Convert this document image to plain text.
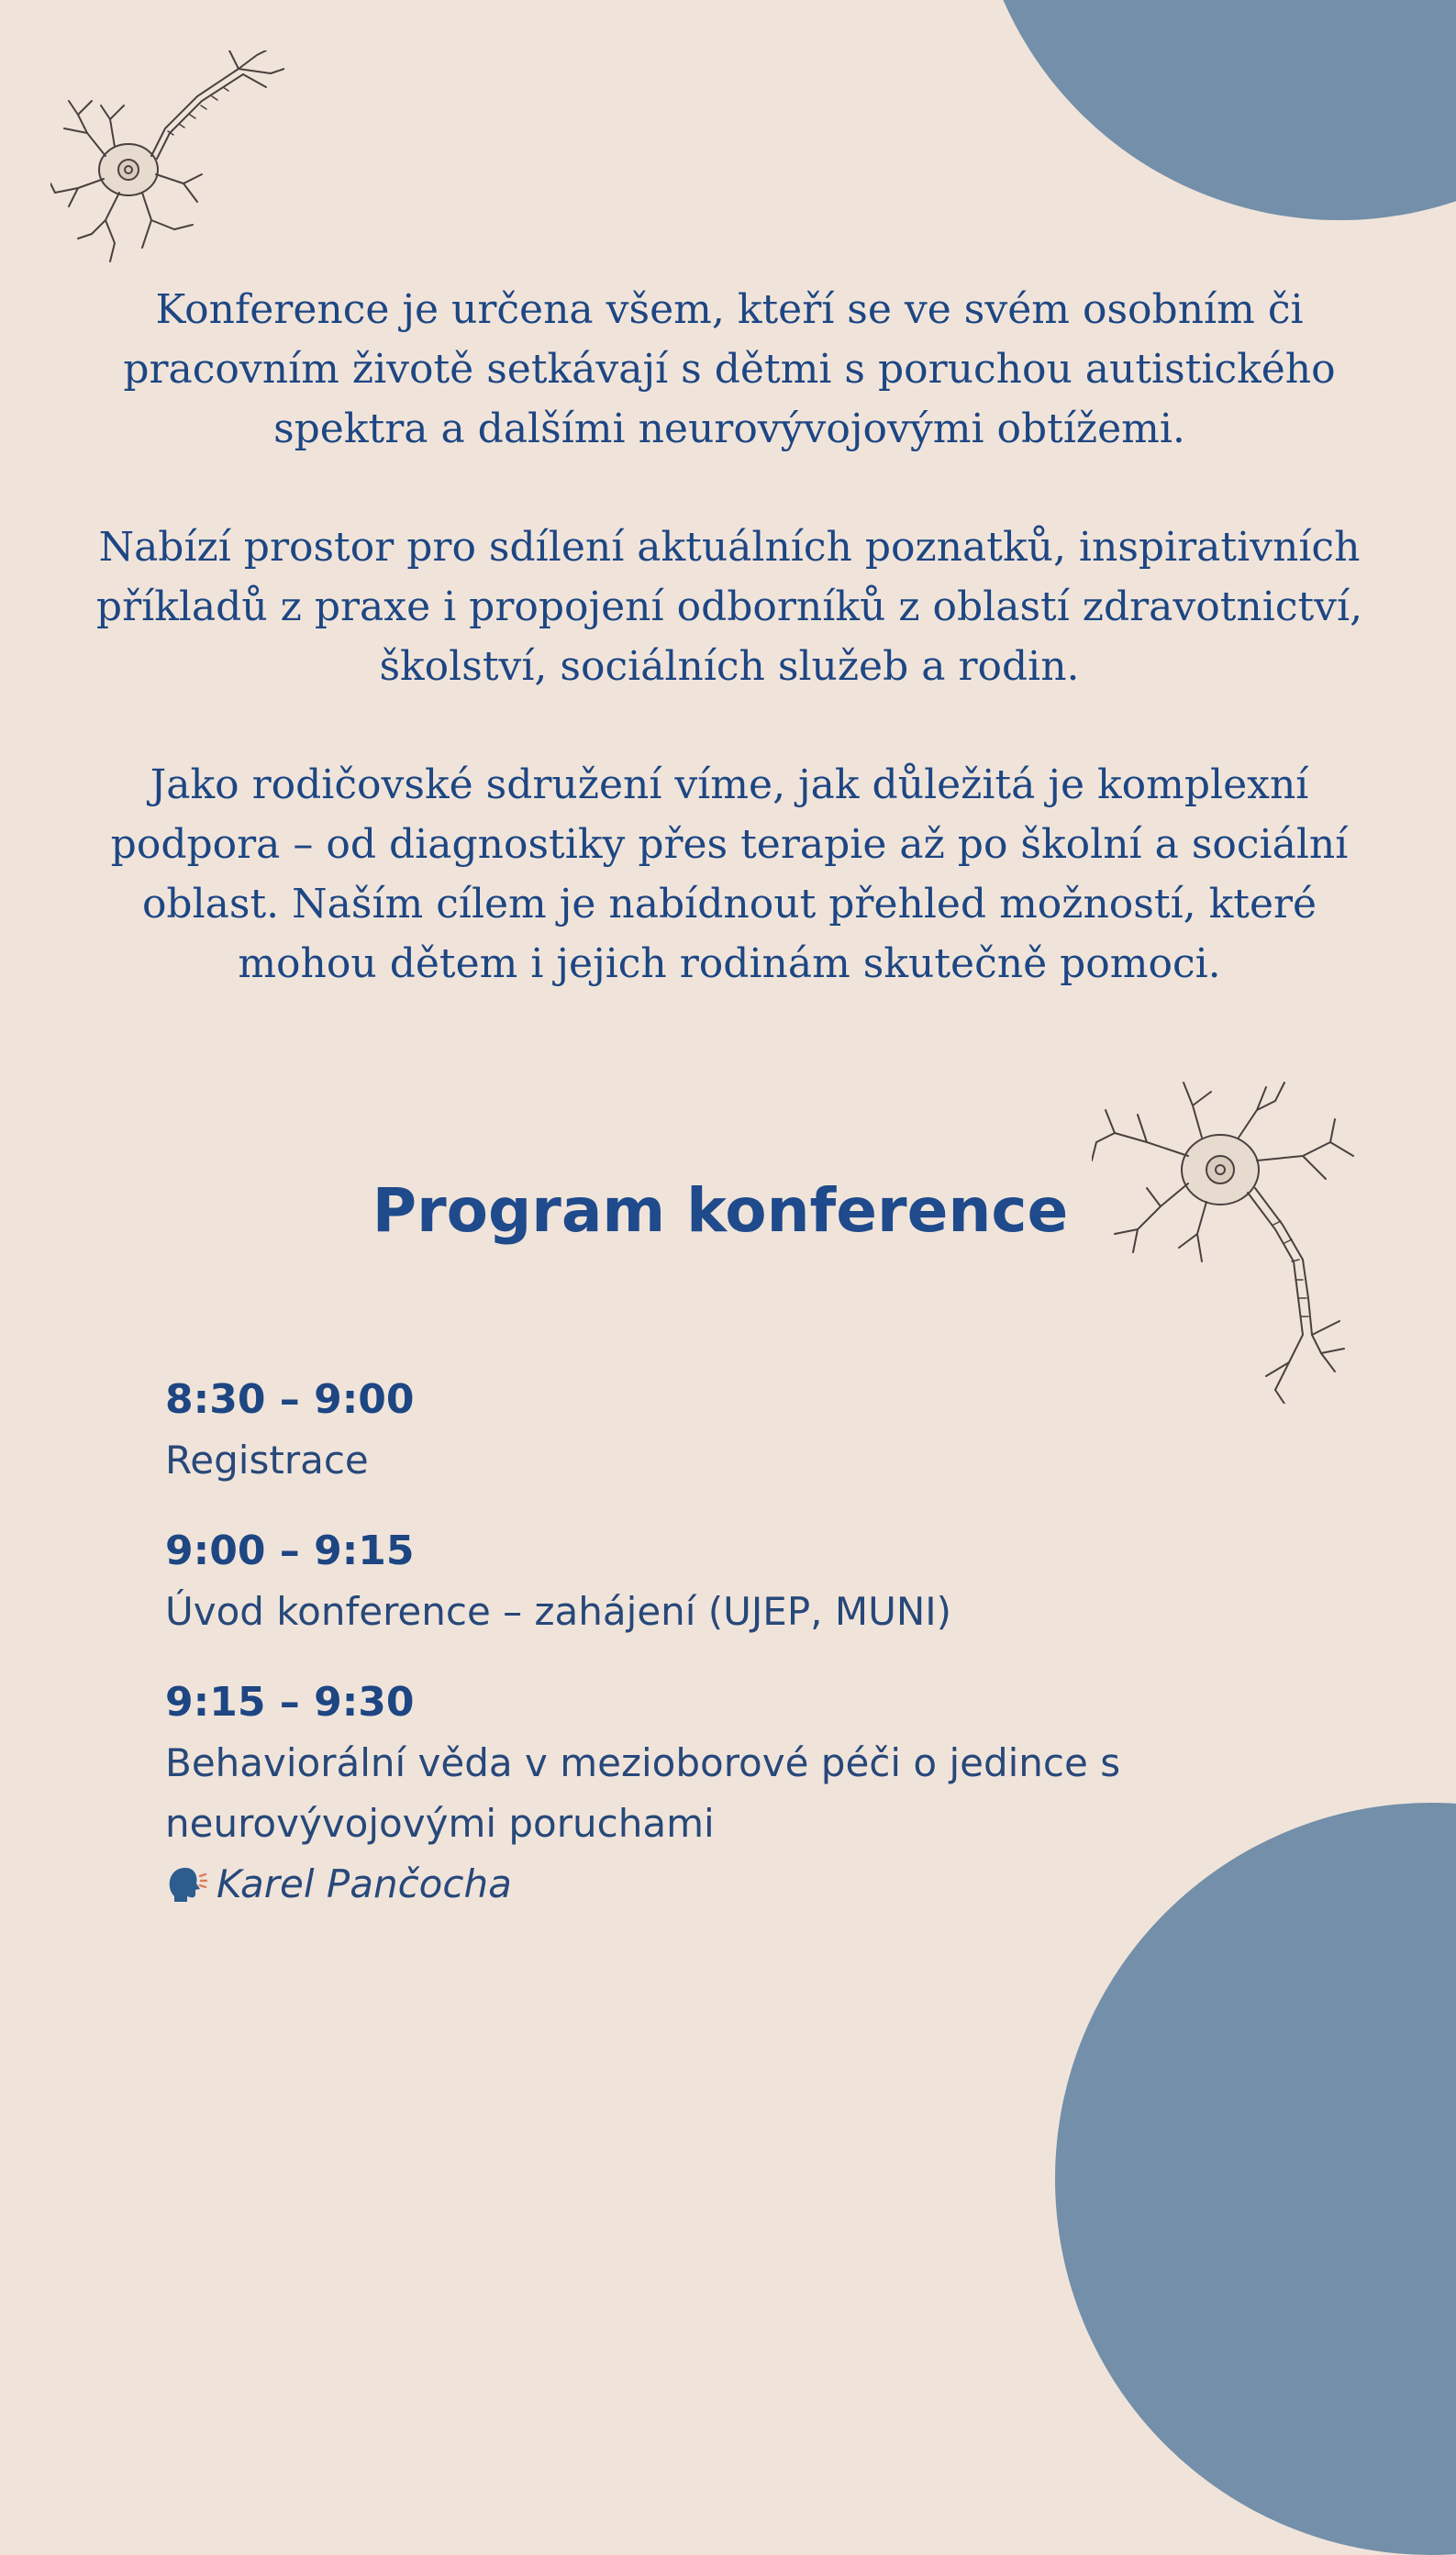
Konference je určena všem, kteří se ve svém osobním či pracovním životě setkávají s dětmi s poruchou autistického spektra a dalšími neurovývojovými obtížemi.

Nabízí prostor pro sdílení aktuálních poznatků, inspirativních příkladů z praxe i propojení odborníků z oblastí zdravotnictví, školství, sociálních služeb a rodin.

Jako rodičovské sdružení víme, jak důležitá je komplexní podpora – od diagnostiky přes terapie až po školní a sociální oblast. Naším cílem je nabídnout přehled možností, které mohou dětem i jejich rodinám skutečně pomoci.

Program konference
8:30 – 9:00
Registrace
9:00 – 9:15
Úvod konference – zahájení (UJEP, MUNI)
9:15 – 9:30
Behaviorální věda v mezioborové péči o jedince s neurovývojovými poruchami
Karel Pančocha
